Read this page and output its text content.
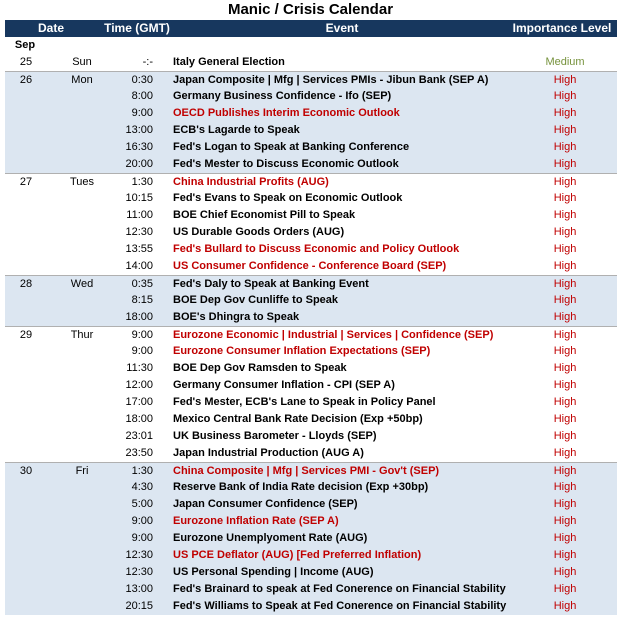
Manic / Crisis Calendar
Date	Time (GMT)	Event	Importance Level
Sep
25	Sun	-:- Italy General Election	Medium
26	Mon	0:30 Japan Composite | Mfg | Services PMIs - Jibun Bank (SEP A)	High
8:00 Germany Business Confidence - Ifo (SEP)	High
9:00 OECD Publishes Interim Economic Outlook	High
13:00 ECB's Lagarde to Speak	High
16:30 Fed's Logan to Speak at Banking Conference	High
20:00 Fed's Mester to Discuss Economic Outlook	High
27	Tues	1:30 China Industrial Profits (AUG)	High
10:15 Fed's Evans to Speak on Economic Outlook	High
11:00 BOE Chief Economist Pill to Speak	High
12:30 US Durable Goods Orders (AUG)	High
13:55 Fed's Bullard to Discuss Economic and Policy Outlook	High
14:00 US Consumer Confidence - Conference Board (SEP)	High
28	Wed	0:35 Fed's Daly to Speak at Banking Event	High
8:15 BOE Dep Gov Cunliffe to Speak	High
18:00 BOE's Dhingra to Speak	High
29	Thur	9:00 Eurozone Economic | Industrial | Services | Confidence (SEP)	High
9:00 Eurozone Consumer Inflation Expectations (SEP)	High
11:30 BOE Dep Gov Ramsden to Speak	High
12:00 Germany Consumer Inflation - CPI (SEP A)	High
17:00 Fed's Mester, ECB's Lane to Speak in Policy Panel	High
18:00 Mexico Central Bank Rate Decision (Exp +50bp)	High
23:01 UK Business Barometer - Lloyds (SEP)	High
23:50 Japan Industrial Production (AUG A)	High
30	Fri	1:30 China Composite | Mfg | Services PMI - Gov't (SEP)	High
4:30 Reserve Bank of India Rate decision (Exp +30bp)	High
5:00 Japan Consumer Confidence (SEP)	High
9:00 Eurozone Inflation Rate (SEP A)	High
9:00 Eurozone Unemplyoment Rate (AUG)	High
12:30 US PCE Deflator (AUG) [Fed Preferred Inflation)	High
12:30 US Personal Spending | Income (AUG)	High
13:00 Fed's Brainard to speak at Fed Conerence on Financial Stability	High
20:15 Fed's Williams to Speak at Fed Conerence on Financial Stability	High
